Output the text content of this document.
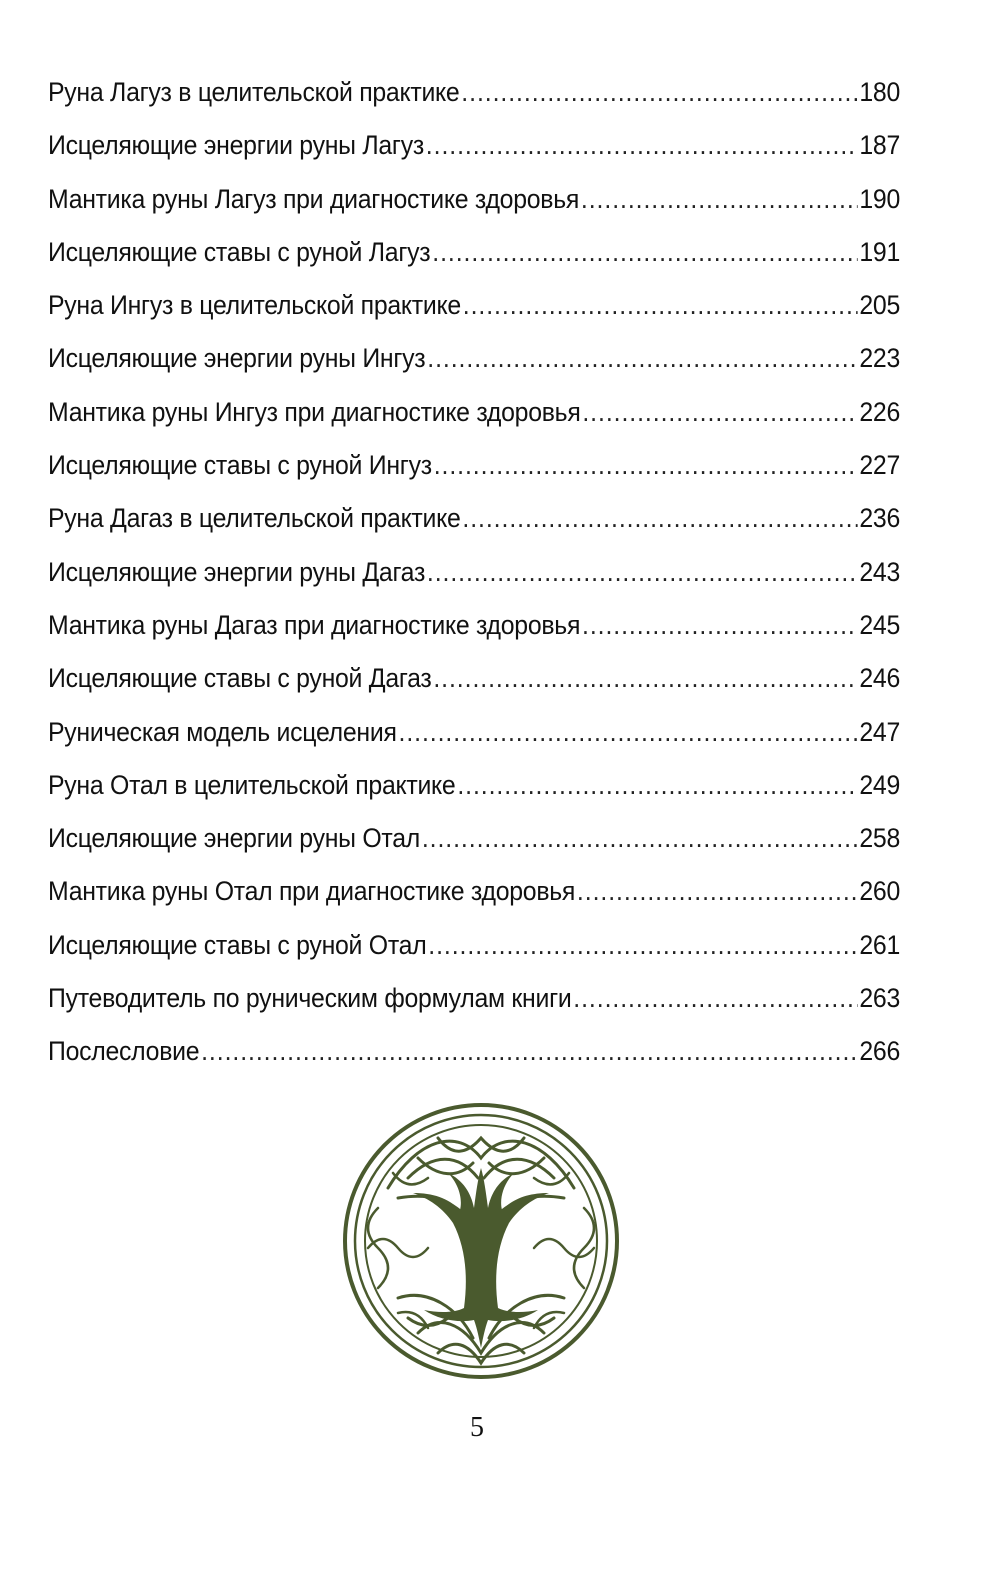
Руна Лагуз в целительской практике .....	180
Исцеляющие энергии руны Лагуз .....	187
Мантика руны Лагуз при диагностике здоровья .....	190
Исцеляющие ставы с руной Лагуз .....	191
Руна Ингуз в целительской практике .....	205
Исцеляющие энергии руны Ингуз .....	223
Мантика руны Ингуз при диагностике здоровья .....	226
Исцеляющие ставы с руной Ингуз .....	227
Руна Дагаз в целительской практике .....	236
Исцеляющие энергии руны Дагаз .....	243
Мантика руны Дагаз при диагностике здоровья .....	245
Исцеляющие ставы с руной Дагаз .....	246
Руническая модель исцеления .....	247
Руна Отал в целительской практике .....	249
Исцеляющие энергии руны Отал .....	258
Мантика руны Отал при диагностике здоровья .....	260
Исцеляющие ставы с руной Отал .....	261
Путеводитель по руническим формулам книги .....	263
Послесловие .....	266
5
